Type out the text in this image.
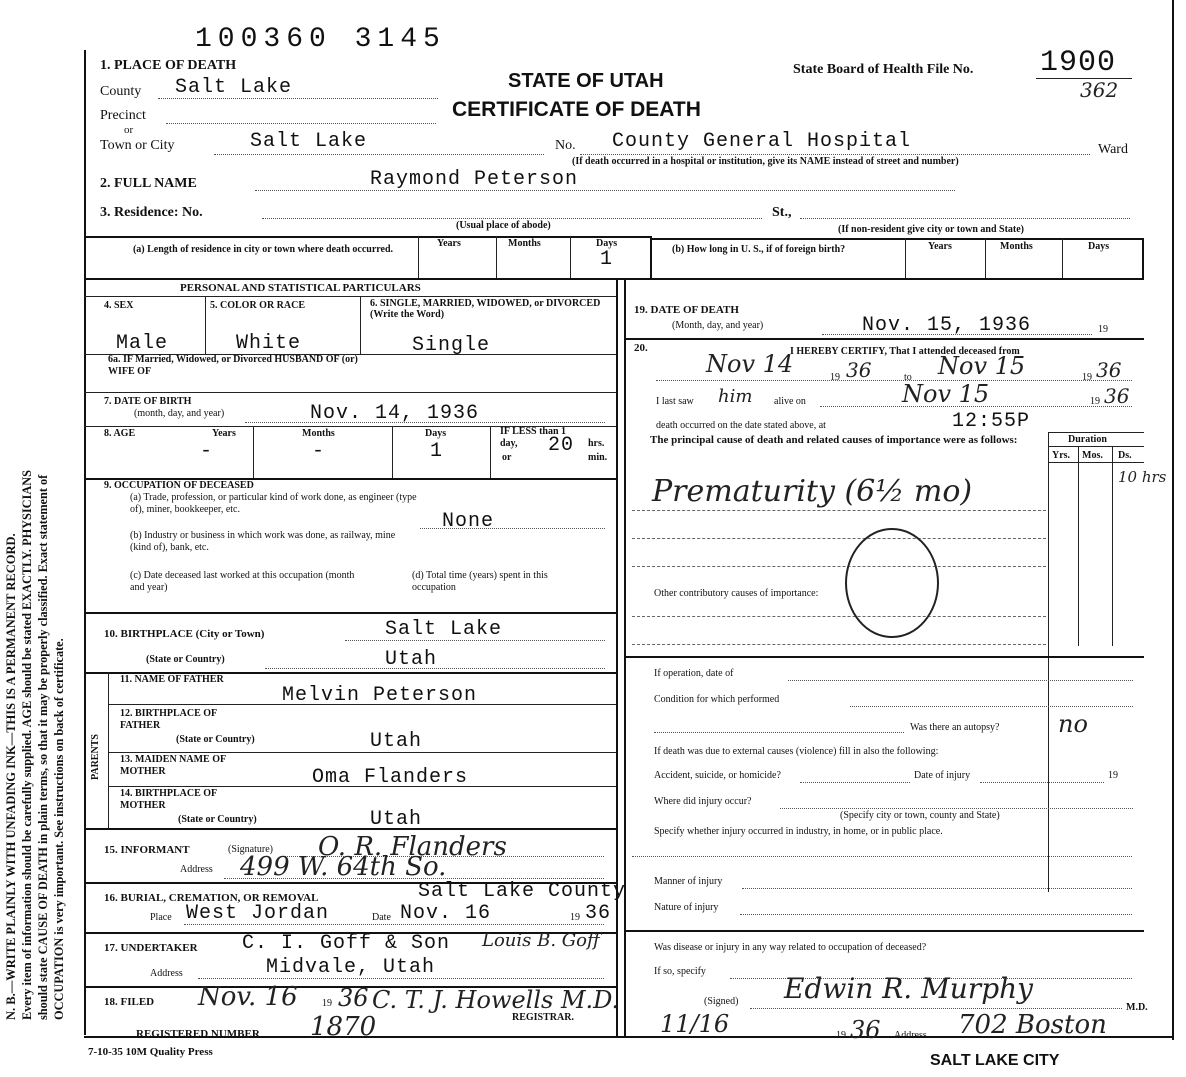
N. B.—WRITE PLAINLY WITH UNFADING INK—THIS IS A PERMANENT RECORD. Every item of information should be carefully supplied. AGE should be stated EXACTLY. PHYSICIANS should state CAUSE OF DEATH in plain terms, so that it may be properly classified. Exact statement of OCCUPATION is very important. See instructions on back of certificate.
100360 3145
1. PLACE OF DEATH
STATE OF UTAH
CERTIFICATE OF DEATH
State Board of Health File No. 1900
362
County Salt Lake
Precinct
or
Town or City	Salt Lake	No. County General Hospital	Ward
(If death occurred in a hospital or institution, give its NAME instead of street and number)
2. FULL NAME	Raymond Peterson
3. Residence: No.	St.,
(Usual place of abode)	(If non-resident give city or town and State)
(a) Length of residence in city or town where death occurred.
Years	Months	Days
1	(b) How long in U. S., if of foreign birth?	Years	Months	Days
PERSONAL AND STATISTICAL PARTICULARS
4. SEX	5. COLOR OR RACE	6. SINGLE, MARRIED, WIDOWED, or DIVORCED (Write the Word)
Male	White	Single
6a. IF Married, Widowed, or Divorced HUSBAND OF (or) WIFE OF
7. DATE OF BIRTH
(month, day, and year)	Nov. 14, 1936
8. AGE	Years	Months	Days
-	-	1
IF LESS than 1 day,	20 hrs.
or	min.
9. OCCUPATION OF DECEASED
(a) Trade, profession, or particular kind of work done, as engineer (type of), miner, bookkeeper, etc.
None
(b) Industry or business in which work was done, as railway, mine (kind of), bank, etc.
(c) Date deceased last worked at this occupation (month and year)
(d) Total time (years) spent in this occupation
10. BIRTHPLACE (City or Town)	Salt Lake
(State or Country)	Utah
PARENTS
11. NAME OF FATHER
Melvin Peterson
12. BIRTHPLACE OF FATHER
(State or Country)	Utah
13. MAIDEN NAME OF MOTHER	Oma Flanders
14. BIRTHPLACE OF MOTHER
(State or Country)	Utah
15. INFORMANT	(Signature) O. R. Flanders
Address 499 W. 64th So.
16. BURIAL, CREMATION, OR REMOVAL	Salt Lake County
Place West Jordan	Date Nov. 16	19 36
17. UNDERTAKER C. I. Goff & Son Louis B. Goff
Address	Midvale, Utah
18. FILED Nov. 16 19 36 C. T. J. Howells M.D.
REGISTRAR.
REGISTERED NUMBER 1870
7-10-35 10M Quality Press
19. DATE OF DEATH
(Month, day, and year)	Nov. 15, 1936	19
20.	I HEREBY CERTIFY, That I attended deceased from
Nov 14	19 36	to Nov 15	19 36
I last saw him alive on	Nov 15	19 36
death occurred on the date stated above, at	12:55P
The principal cause of death and related causes of importance were as follows:	Duration
Yrs. Mos. Ds.
10 hrs
Prematurity (6½ mo)
Other contributory causes of importance:
If operation, date of
Condition for which performed
Was there an autopsy? no
If death was due to external causes (violence) fill in also the following:
Accident, suicide, or homicide?	Date of injury	19
Where did injury occur?
(Specify city or town, county and State)
Specify whether injury occurred in industry, in home, or in public place.
Manner of injury
Nature of injury
Was disease or injury in any way related to occupation of deceased?
If so, specify
(Signed) Edwin R. Murphy
M.D.
11/16	19 36 Address 702 Boston
SALT LAKE CITY
